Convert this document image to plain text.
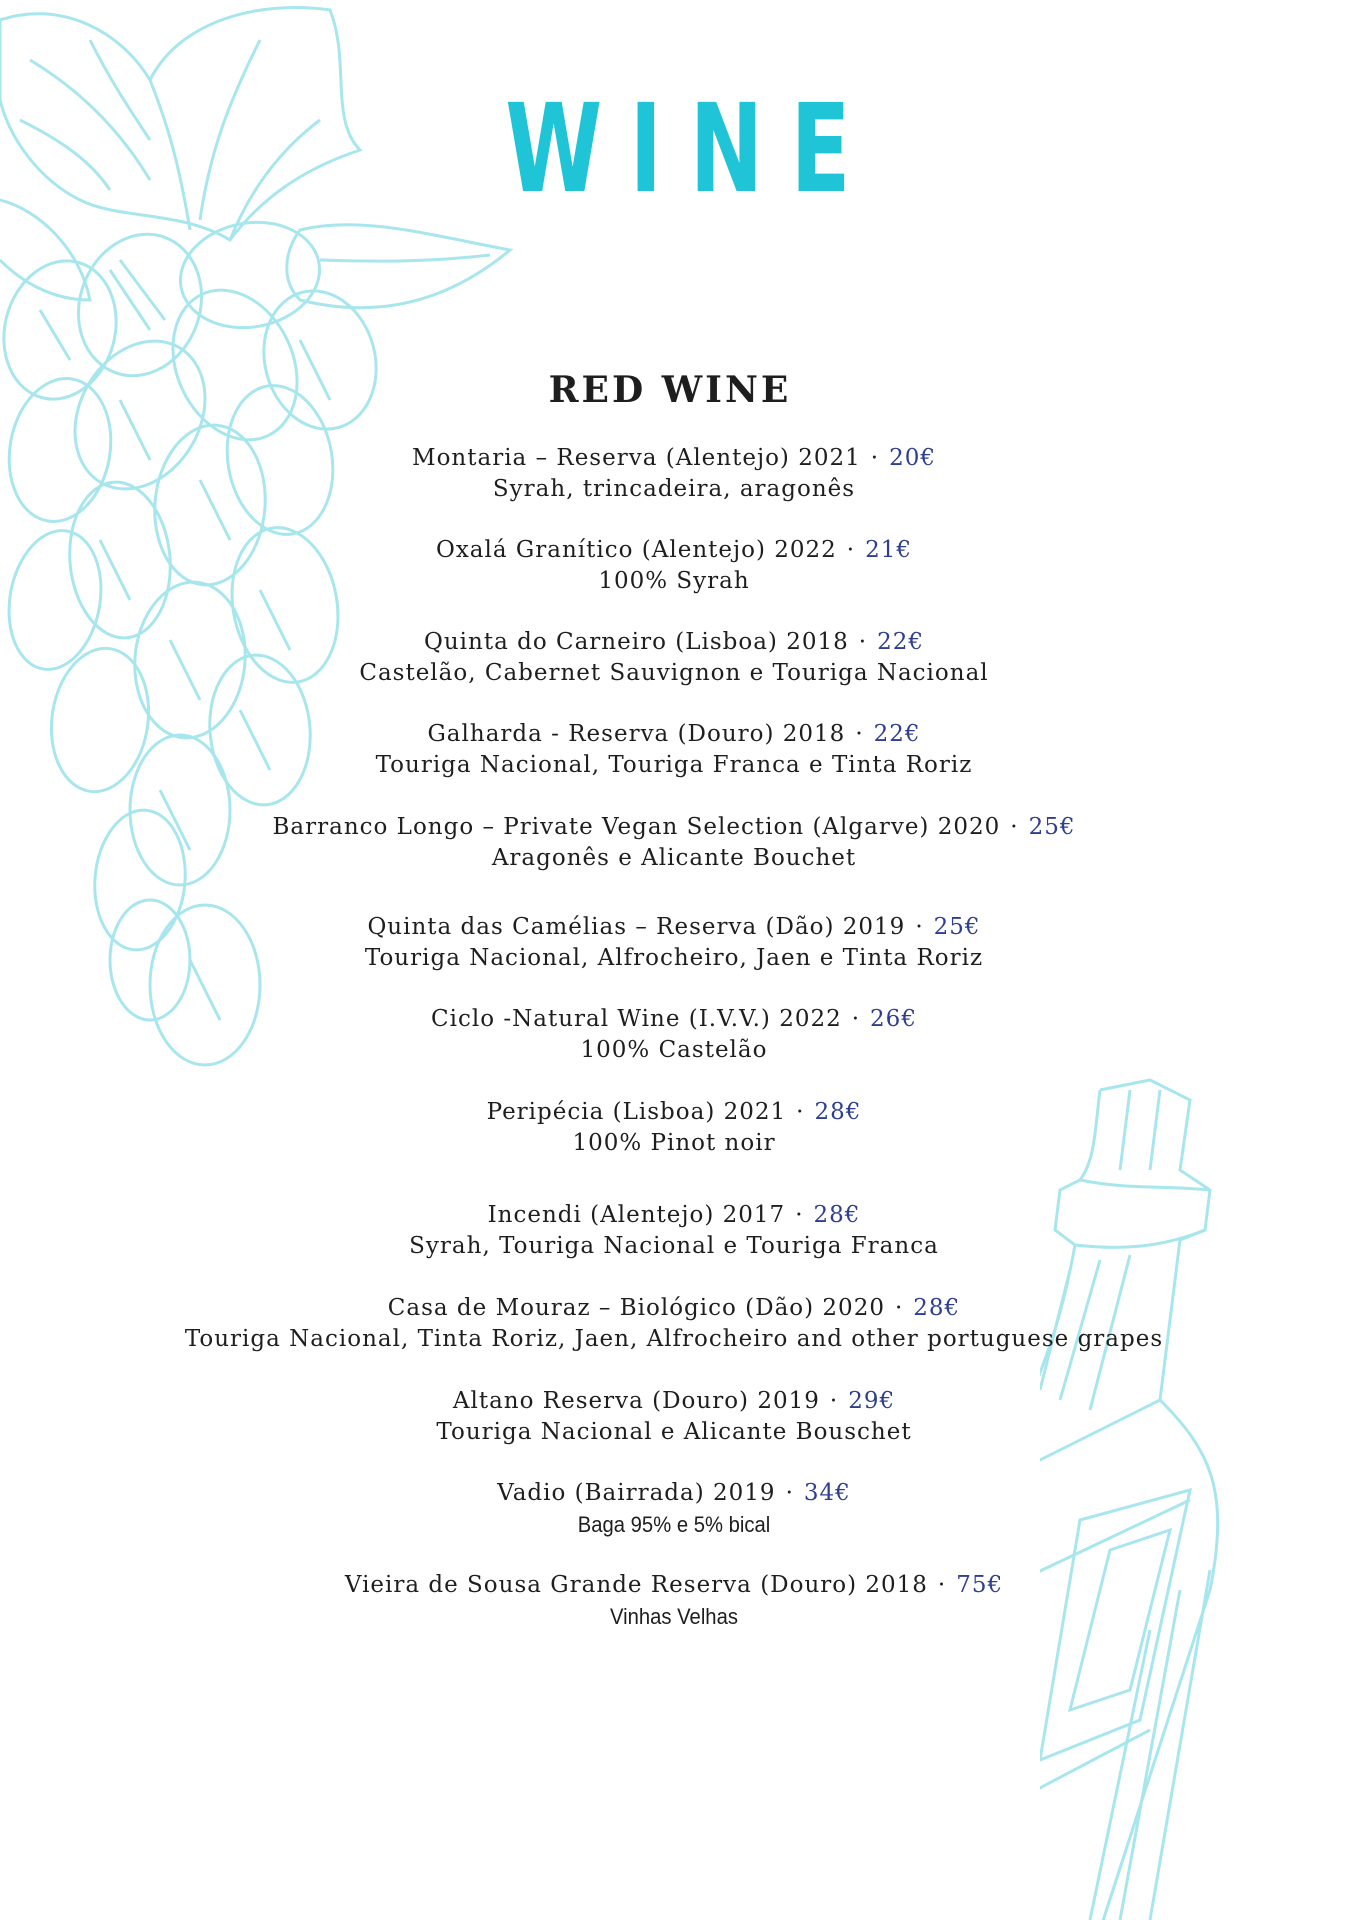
WINE
RED WINE
Montaria – Reserva (Alentejo) 2021 · 20€
Syrah, trincadeira, aragonês
Oxalá Granítico (Alentejo) 2022 · 21€
100% Syrah
Quinta do Carneiro (Lisboa) 2018 · 22€
Castelão, Cabernet Sauvignon e Touriga Nacional
Galharda - Reserva (Douro) 2018 · 22€
Touriga Nacional, Touriga Franca e Tinta Roriz
Barranco Longo – Private Vegan Selection (Algarve) 2020 · 25€
Aragonês e Alicante Bouchet
Quinta das Camélias – Reserva (Dão) 2019 · 25€
Touriga Nacional, Alfrocheiro, Jaen e Tinta Roriz
Ciclo -Natural Wine (I.V.V.) 2022 · 26€
100% Castelão
Peripécia (Lisboa) 2021 · 28€
100% Pinot noir
Incendi (Alentejo) 2017 · 28€
Syrah, Touriga Nacional e Touriga Franca
Casa de Mouraz – Biológico (Dão) 2020 · 28€
Touriga Nacional, Tinta Roriz, Jaen, Alfrocheiro and other portuguese grapes
Altano Reserva (Douro) 2019 · 29€
Touriga Nacional e Alicante Bouschet
Vadio (Bairrada) 2019 · 34€
Baga 95% e 5% bical
Vieira de Sousa Grande Reserva (Douro) 2018 · 75€
Vinhas Velhas
